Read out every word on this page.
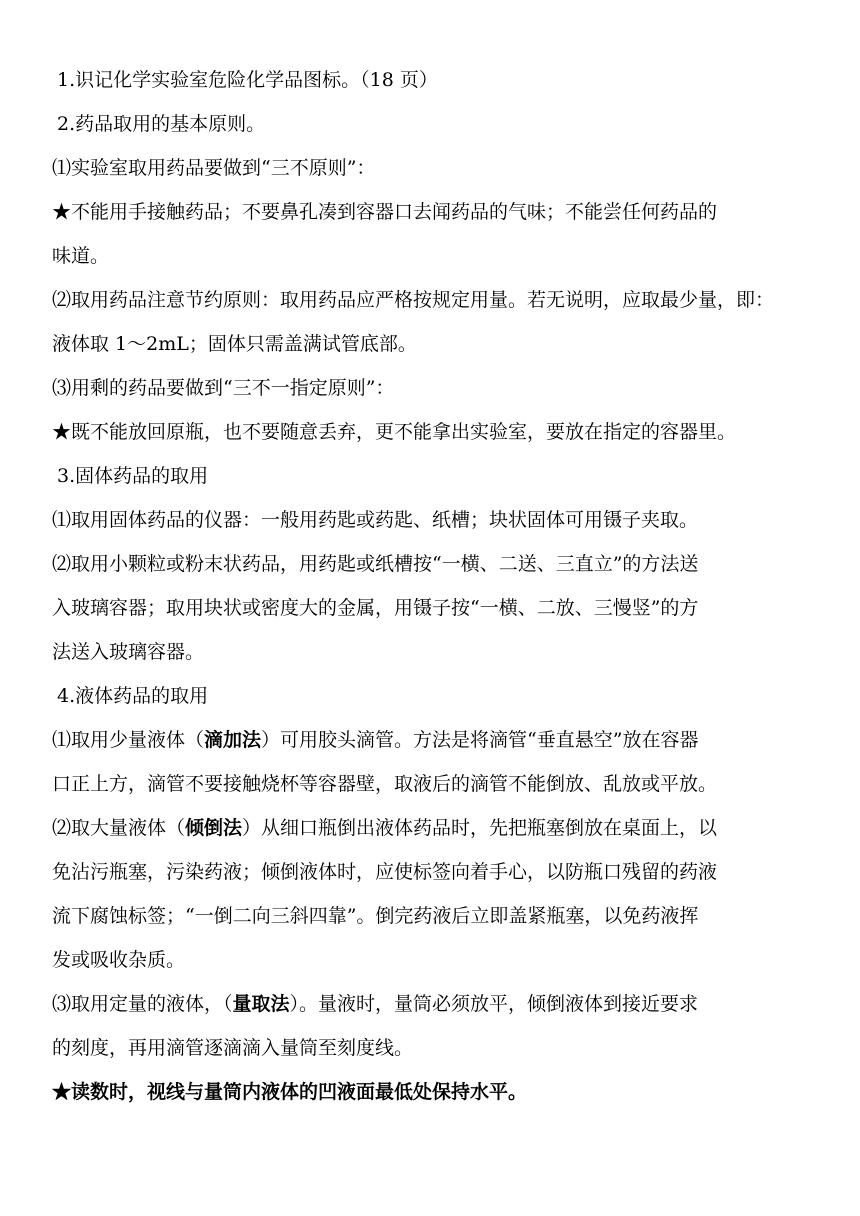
1.识记化学实验室危险化学品图标。（18 页）
2.药品取用的基本原则。
⑴实验室取用药品要做到“三不原则”：
★不能用手接触药品；不要鼻孔凑到容器口去闻药品的气味；不能尝任何药品的
味道。
⑵取用药品注意节约原则：取用药品应严格按规定用量。若无说明，应取最少量，即：
液体取 1～2mL；固体只需盖满试管底部。
⑶用剩的药品要做到“三不一指定原则”：
★既不能放回原瓶，也不要随意丢弃，更不能拿出实验室，要放在指定的容器里。
3.固体药品的取用
⑴取用固体药品的仪器：一般用药匙或药匙、纸槽；块状固体可用镊子夹取。
⑵取用小颗粒或粉末状药品，用药匙或纸槽按“一横、二送、三直立”的方法送
入玻璃容器；取用块状或密度大的金属，用镊子按“一横、二放、三慢竖”的方
法送入玻璃容器。
4.液体药品的取用
⑴取用少量液体（滴加法）可用胶头滴管。方法是将滴管“垂直悬空”放在容器
口正上方，滴管不要接触烧杯等容器壁，取液后的滴管不能倒放、乱放或平放。
⑵取大量液体（倾倒法）从细口瓶倒出液体药品时，先把瓶塞倒放在桌面上，以
免沾污瓶塞，污染药液；倾倒液体时，应使标签向着手心，以防瓶口残留的药液
流下腐蚀标签；“一倒二向三斜四靠”。倒完药液后立即盖紧瓶塞，以免药液挥
发或吸收杂质。
⑶取用定量的液体，（量取法）。量液时，量筒必须放平，倾倒液体到接近要求
的刻度，再用滴管逐滴滴入量筒至刻度线。
★读数时，视线与量筒内液体的凹液面最低处保持水平。
